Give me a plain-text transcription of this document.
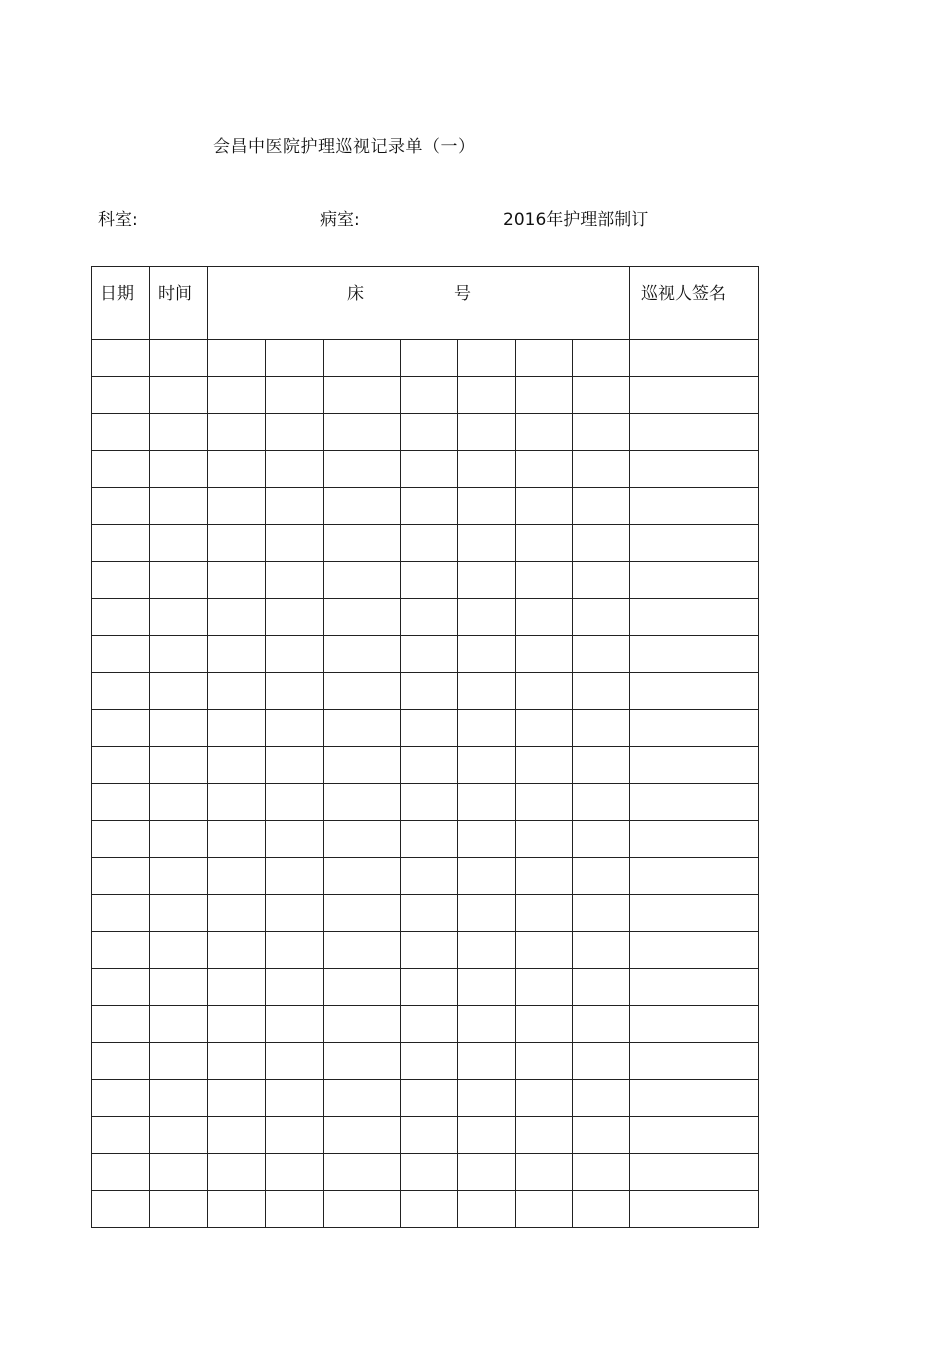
会昌中医院护理巡视记录单（一）
科室:	病室:	2016年护理部制订
日期	时间	床 号							巡视人签名
